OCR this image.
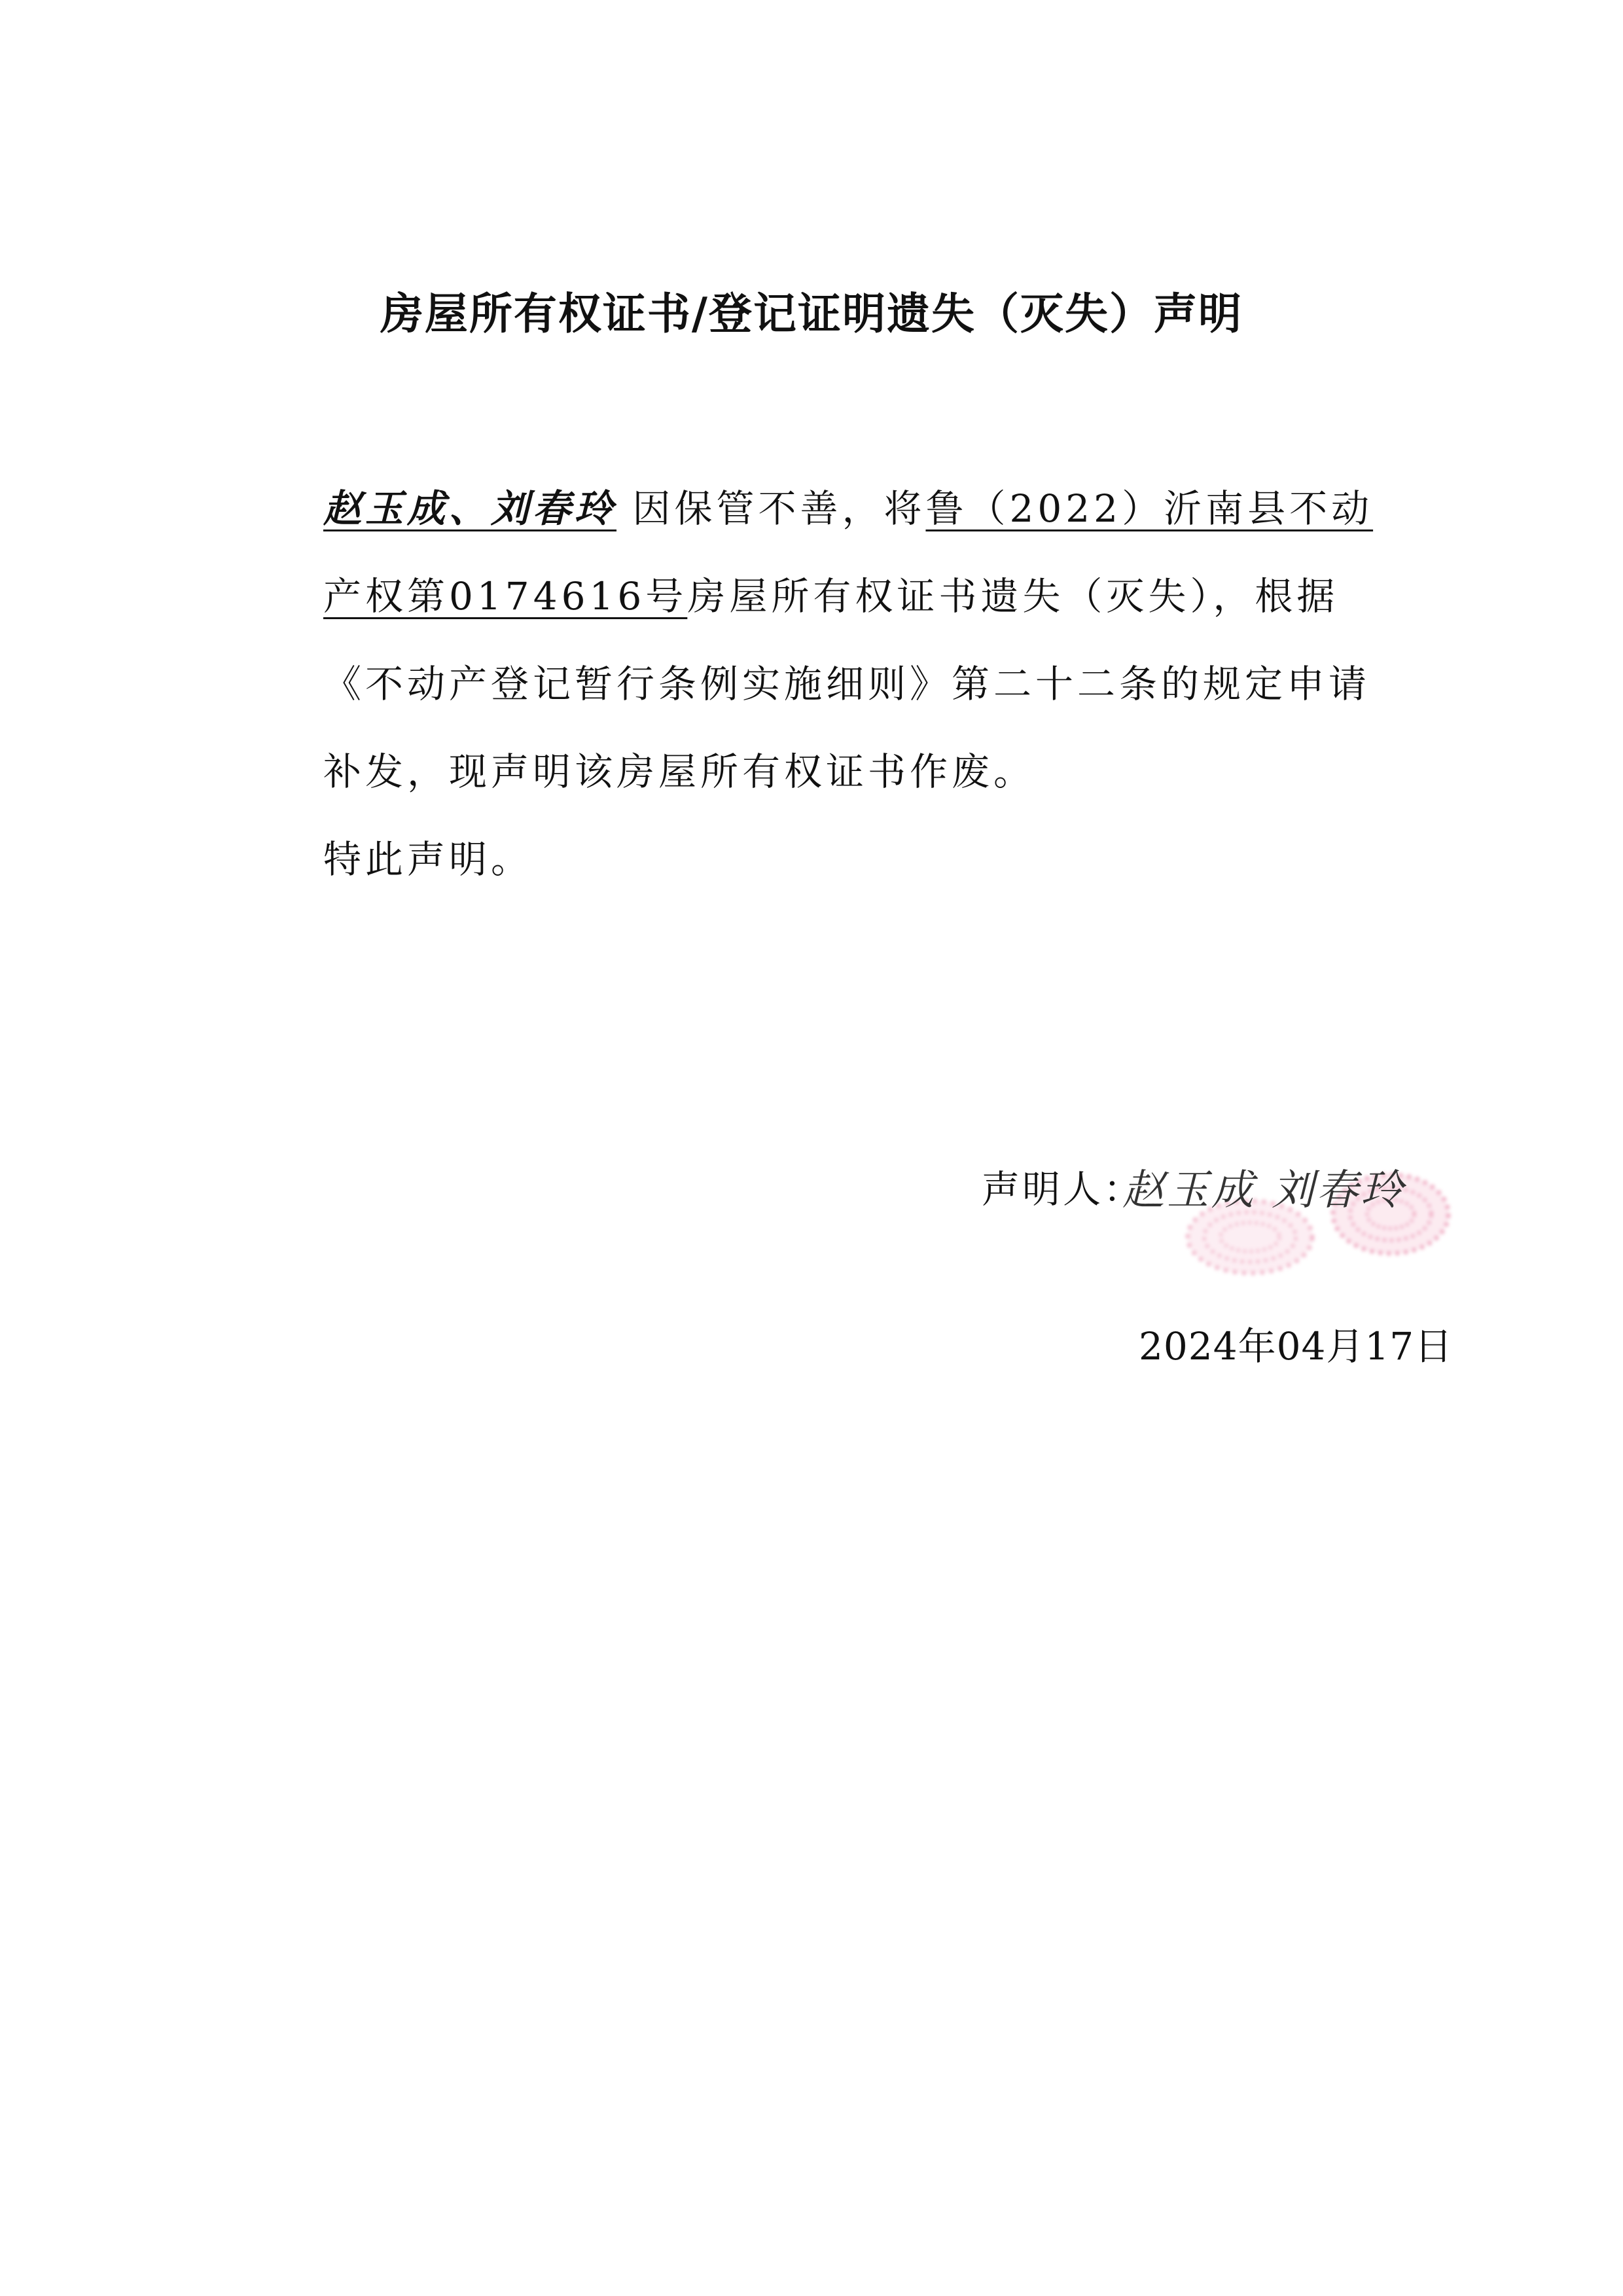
房屋所有权证书/登记证明遗失（灭失）声明

赵玉成、刘春玲 因保管不善，将鲁（2022）沂南县不动产权第0174616号房屋所有权证书遗失（灭失），根据《不动产登记暂行条例实施细则》第二十二条的规定申请补发，现声明该房屋所有权证书作废。

特此声明。

赵玉成 刘春玲
声明人：
2024年04月17日
